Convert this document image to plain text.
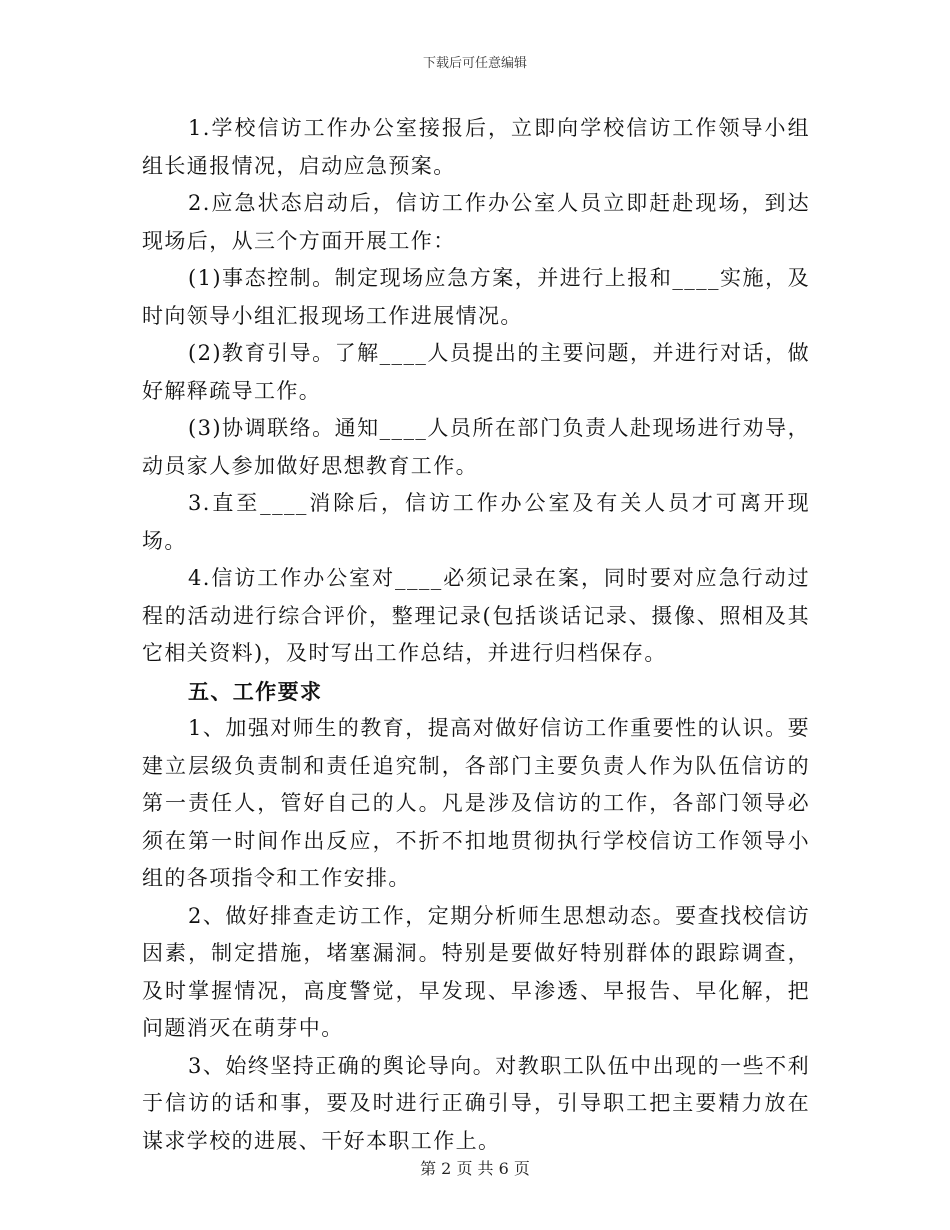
下载后可任意编辑

1.学校信访工作办公室接报后，立即向学校信访工作领导小组组长通报情况，启动应急预案。

2.应急状态启动后，信访工作办公室人员立即赶赴现场，到达现场后，从三个方面开展工作：

(1)事态控制。制定现场应急方案，并进行上报和____实施，及时向领导小组汇报现场工作进展情况。

(2)教育引导。了解____人员提出的主要问题，并进行对话，做好解释疏导工作。

(3)协调联络。通知____人员所在部门负责人赴现场进行劝导，动员家人参加做好思想教育工作。

3.直至____消除后，信访工作办公室及有关人员才可离开现场。

4.信访工作办公室对____必须记录在案，同时要对应急行动过程的活动进行综合评价，整理记录(包括谈话记录、摄像、照相及其它相关资料)，及时写出工作总结，并进行归档保存。

五、工作要求

1、加强对师生的教育，提高对做好信访工作重要性的认识。要建立层级负责制和责任追究制，各部门主要负责人作为队伍信访的第一责任人，管好自己的人。凡是涉及信访的工作，各部门领导必须在第一时间作出反应，不折不扣地贯彻执行学校信访工作领导小组的各项指令和工作安排。

2、做好排查走访工作，定期分析师生思想动态。要查找校信访因素，制定措施，堵塞漏洞。特别是要做好特别群体的跟踪调查，及时掌握情况，高度警觉，早发现、早渗透、早报告、早化解，把问题消灭在萌芽中。

3、始终坚持正确的舆论导向。对教职工队伍中出现的一些不利于信访的话和事，要及时进行正确引导，引导职工把主要精力放在谋求学校的进展、干好本职工作上。

第 2 页 共 6 页
